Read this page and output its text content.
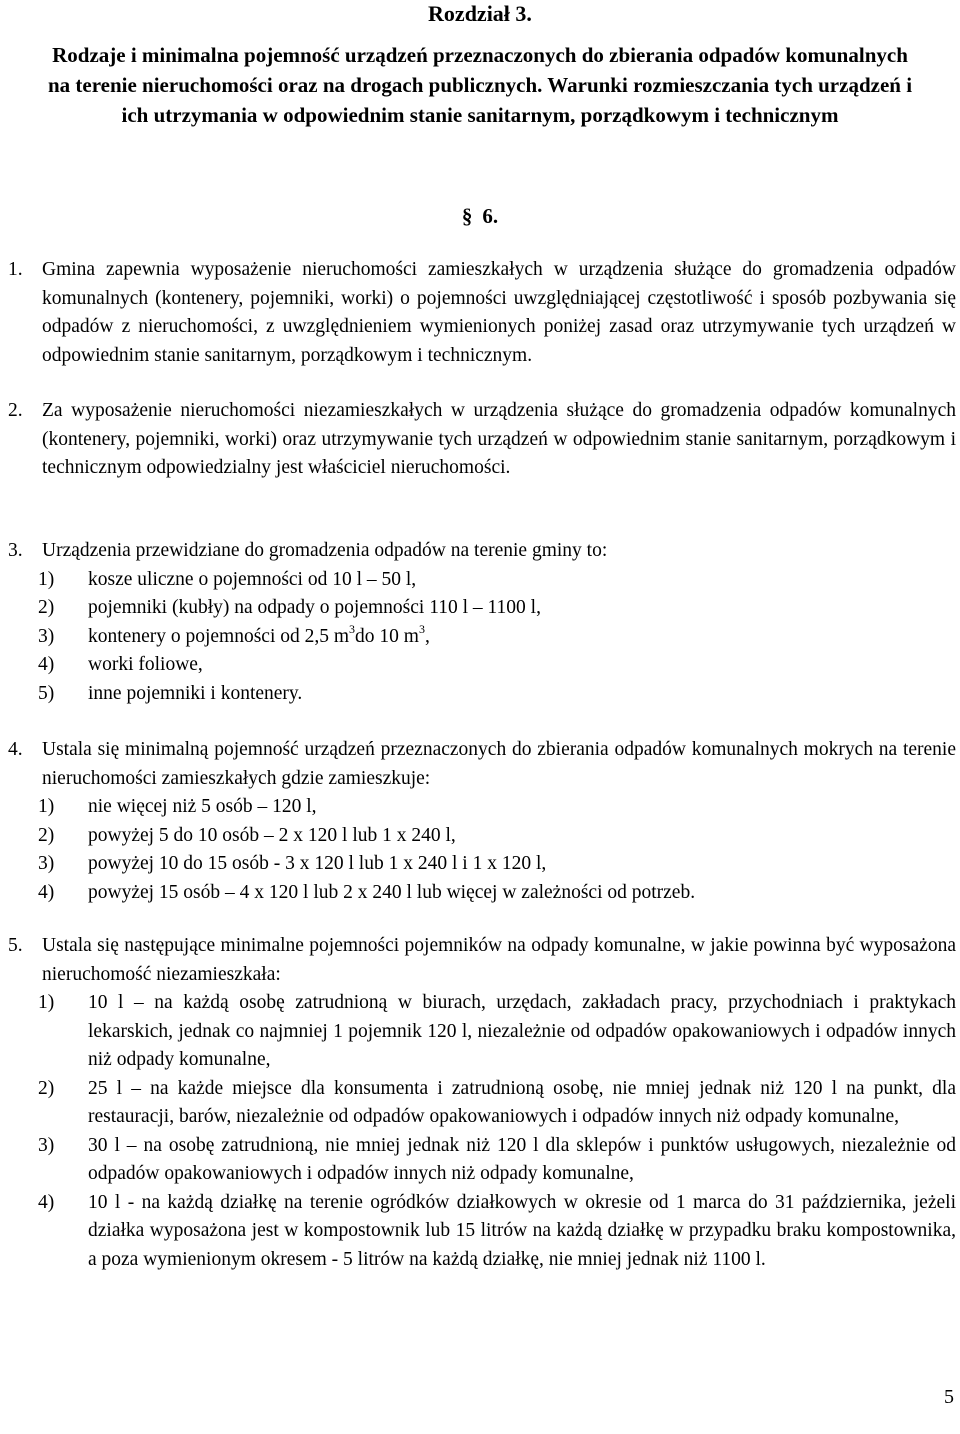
Rozdział 3.
Rodzaje i minimalna pojemność urządzeń przeznaczonych do zbierania odpadów komunalnych na terenie nieruchomości oraz na drogach publicznych. Warunki rozmieszczania tych urządzeń i ich utrzymania w odpowiednim stanie sanitarnym, porządkowym i technicznym
§ 6.
1. Gmina zapewnia wyposażenie nieruchomości zamieszkałych w urządzenia służące do gromadzenia odpadów komunalnych (kontenery, pojemniki, worki) o pojemności uwzględniającej częstotliwość i sposób pozbywania się odpadów z nieruchomości, z uwzględnieniem wymienionych poniżej zasad oraz utrzymywanie tych urządzeń w odpowiednim stanie sanitarnym, porządkowym i technicznym.
2. Za wyposażenie nieruchomości niezamieszkałych w urządzenia służące do gromadzenia odpadów komunalnych (kontenery, pojemniki, worki) oraz utrzymywanie tych urządzeń w odpowiednim stanie sanitarnym, porządkowym i technicznym odpowiedzialny jest właściciel nieruchomości.
3. Urządzenia przewidziane do gromadzenia odpadów na terenie gminy to:
1) kosze uliczne o pojemności od 10 l – 50 l,
2) pojemniki (kubły) na odpady o pojemności 110 l – 1100 l,
3) kontenery o pojemności od 2,5 $m^3do$ 10 $m^3$,
4) worki foliowe,
5) inne pojemniki i kontenery.
4. Ustala się minimalną pojemność urządzeń przeznaczonych do zbierania odpadów komunalnych mokrych na terenie nieruchomości zamieszkałych gdzie zamieszkuje:
1) nie więcej niż 5 osób – 120 l,
2) powyżej 5 do 10 osób – 2 x 120 l lub 1 x 240 l,
3) powyżej 10 do 15 osób - 3 x 120 l lub 1 x 240 l i 1 x 120 l,
4) powyżej 15 osób – 4 x 120 l lub 2 x 240 l lub więcej w zależności od potrzeb.
5. Ustala się następujące minimalne pojemności pojemników na odpady komunalne, w jakie powinna być wyposażona nieruchomość niezamieszkała:
1) 10 l – na każdą osobę zatrudnioną w biurach, urzędach, zakładach pracy, przychodniach i praktykach lekarskich, jednak co najmniej 1 pojemnik 120 l, niezależnie od odpadów opakowaniowych i odpadów innych niż odpady komunalne,
2) 25 l – na każde miejsce dla konsumenta i zatrudnioną osobę, nie mniej jednak niż 120 l na punkt, dla restauracji, barów, niezależnie od odpadów opakowaniowych i odpadów innych niż odpady komunalne,
3) 30 l – na osobę zatrudnioną, nie mniej jednak niż 120 l dla sklepów i punktów usługowych, niezależnie od odpadów opakowaniowych i odpadów innych niż odpady komunalne,
4) 10 l - na każdą działkę na terenie ogródków działkowych w okresie od 1 marca do 31 października, jeżeli działka wyposażona jest w kompostownik lub 15 litrów na każdą działkę w przypadku braku kompostownika, a poza wymienionym okresem - 5 litrów na każdą działkę, nie mniej jednak niż 1100 l.
5
